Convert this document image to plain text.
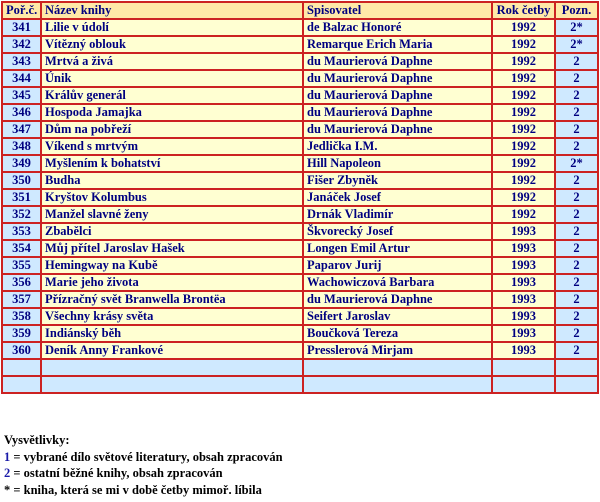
Poř.č.	Název knihy	Spisovatel	Rok četby	Pozn.
341	Lilie v údolí	de Balzac Honoré	1992	2*
342	Vítězný oblouk	Remarque Erich Maria	1992	2*
343	Mrtvá a živá	du Maurierová Daphne	1992	2
344	Únik	du Maurierová Daphne	1992	2
345	Králův generál	du Maurierová Daphne	1992	2
346	Hospoda Jamajka	du Maurierová Daphne	1992	2
347	Dům na pobřeží	du Maurierová Daphne	1992	2
348	Víkend s mrtvým	Jedlička I.M.	1992	2
349	Myšlením k bohatství	Hill Napoleon	1992	2*
350	Budha	Fišer Zbyněk	1992	2
351	Kryštov Kolumbus	Janáček Josef	1992	2
352	Manžel slavné ženy	Drnák Vladimír	1992	2
353	Zbabělci	Škvorecký Josef	1993	2
354	Můj přítel Jaroslav Hašek	Longen Emil Artur	1993	2
355	Hemingway na Kubě	Paparov Jurij	1993	2
356	Marie jeho života	Wachowiczová Barbara	1993	2
357	Přízračný svět Branwella Brontëa	du Maurierová Daphne	1993	2
358	Všechny krásy světa	Seifert Jaroslav	1993	2
359	Indiánský běh	Boučková Tereza	1993	2
360	Deník Anny Frankové	Presslerová Mirjam	1993	2

Vysvětlivky:
1 = vybrané dílo světové literatury, obsah zpracován
2 = ostatní běžné knihy, obsah zpracován
* = kniha, která se mi v době četby mimoř. líbila
